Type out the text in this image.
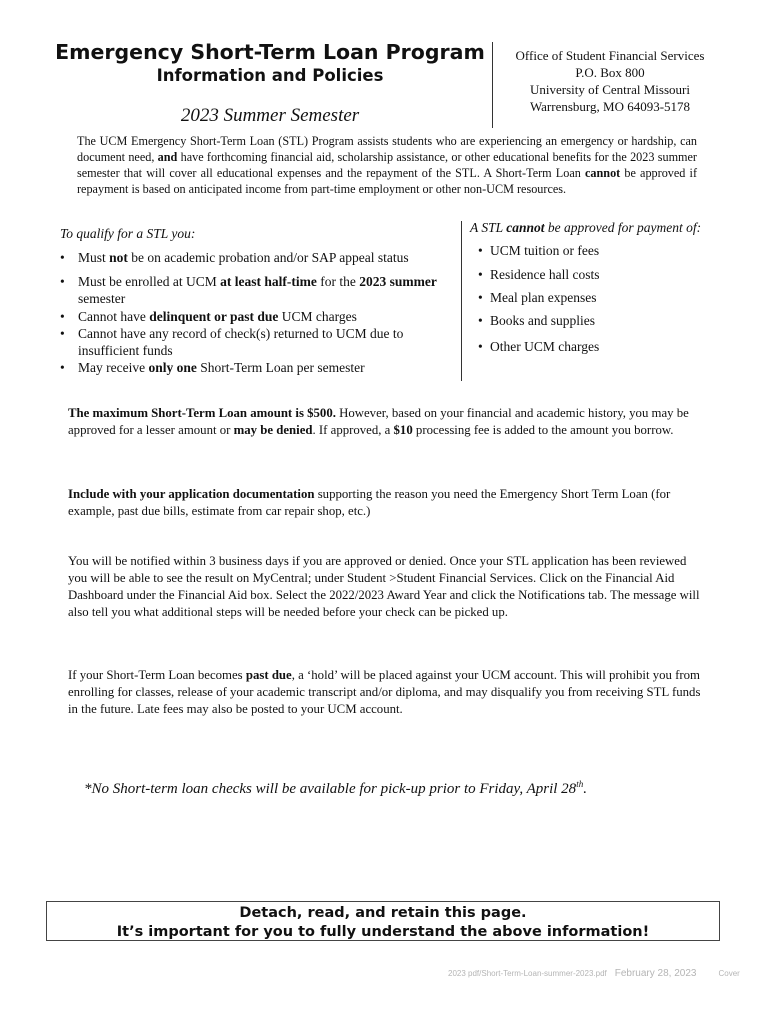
Emergency Short-Term Loan Program
Information and Policies
2023 Summer Semester
Office of Student Financial Services
P.O. Box 800
University of Central Missouri
Warrensburg, MO 64093-5178
The UCM Emergency Short-Term Loan (STL) Program assists students who are experiencing an emergency or hardship, can document need, and have forthcoming financial aid, scholarship assistance, or other educational benefits for the 2023 summer semester that will cover all educational expenses and the repayment of the STL. A Short-Term Loan cannot be approved if repayment is based on anticipated income from part-time employment or other non-UCM resources.
To qualify for a STL you:
• Must not be on academic probation and/or SAP appeal status
• Must be enrolled at UCM at least half-time for the 2023 summer semester
• Cannot have delinquent or past due UCM charges
• Cannot have any record of check(s) returned to UCM due to insufficient funds
• May receive only one Short-Term Loan per semester
A STL cannot be approved for payment of:
• UCM tuition or fees
• Residence hall costs
• Meal plan expenses
• Books and supplies
• Other UCM charges
The maximum Short-Term Loan amount is $500. However, based on your financial and academic history, you may be approved for a lesser amount or may be denied. If approved, a $10 processing fee is added to the amount you borrow.
Include with your application documentation supporting the reason you need the Emergency Short Term Loan (for example, past due bills, estimate from car repair shop, etc.)
You will be notified within 3 business days if you are approved or denied. Once your STL application has been reviewed you will be able to see the result on MyCentral; under Student >Student Financial Services. Click on the Financial Aid Dashboard under the Financial Aid box. Select the 2022/2023 Award Year and click the Notifications tab. The message will also tell you what additional steps will be needed before your check can be picked up.
If your Short-Term Loan becomes past due, a ‘hold’ will be placed against your UCM account. This will prohibit you from enrolling for classes, release of your academic transcript and/or diploma, and may disqualify you from receiving STL funds in the future. Late fees may also be posted to your UCM account.
*No Short-term loan checks will be available for pick-up prior to Friday, April 28th.
Detach, read, and retain this page.
It’s important for you to fully understand the above information!
2023 pdf/Short-Term-Loan-summer-2023.pdf February 28, 2023	Cover
